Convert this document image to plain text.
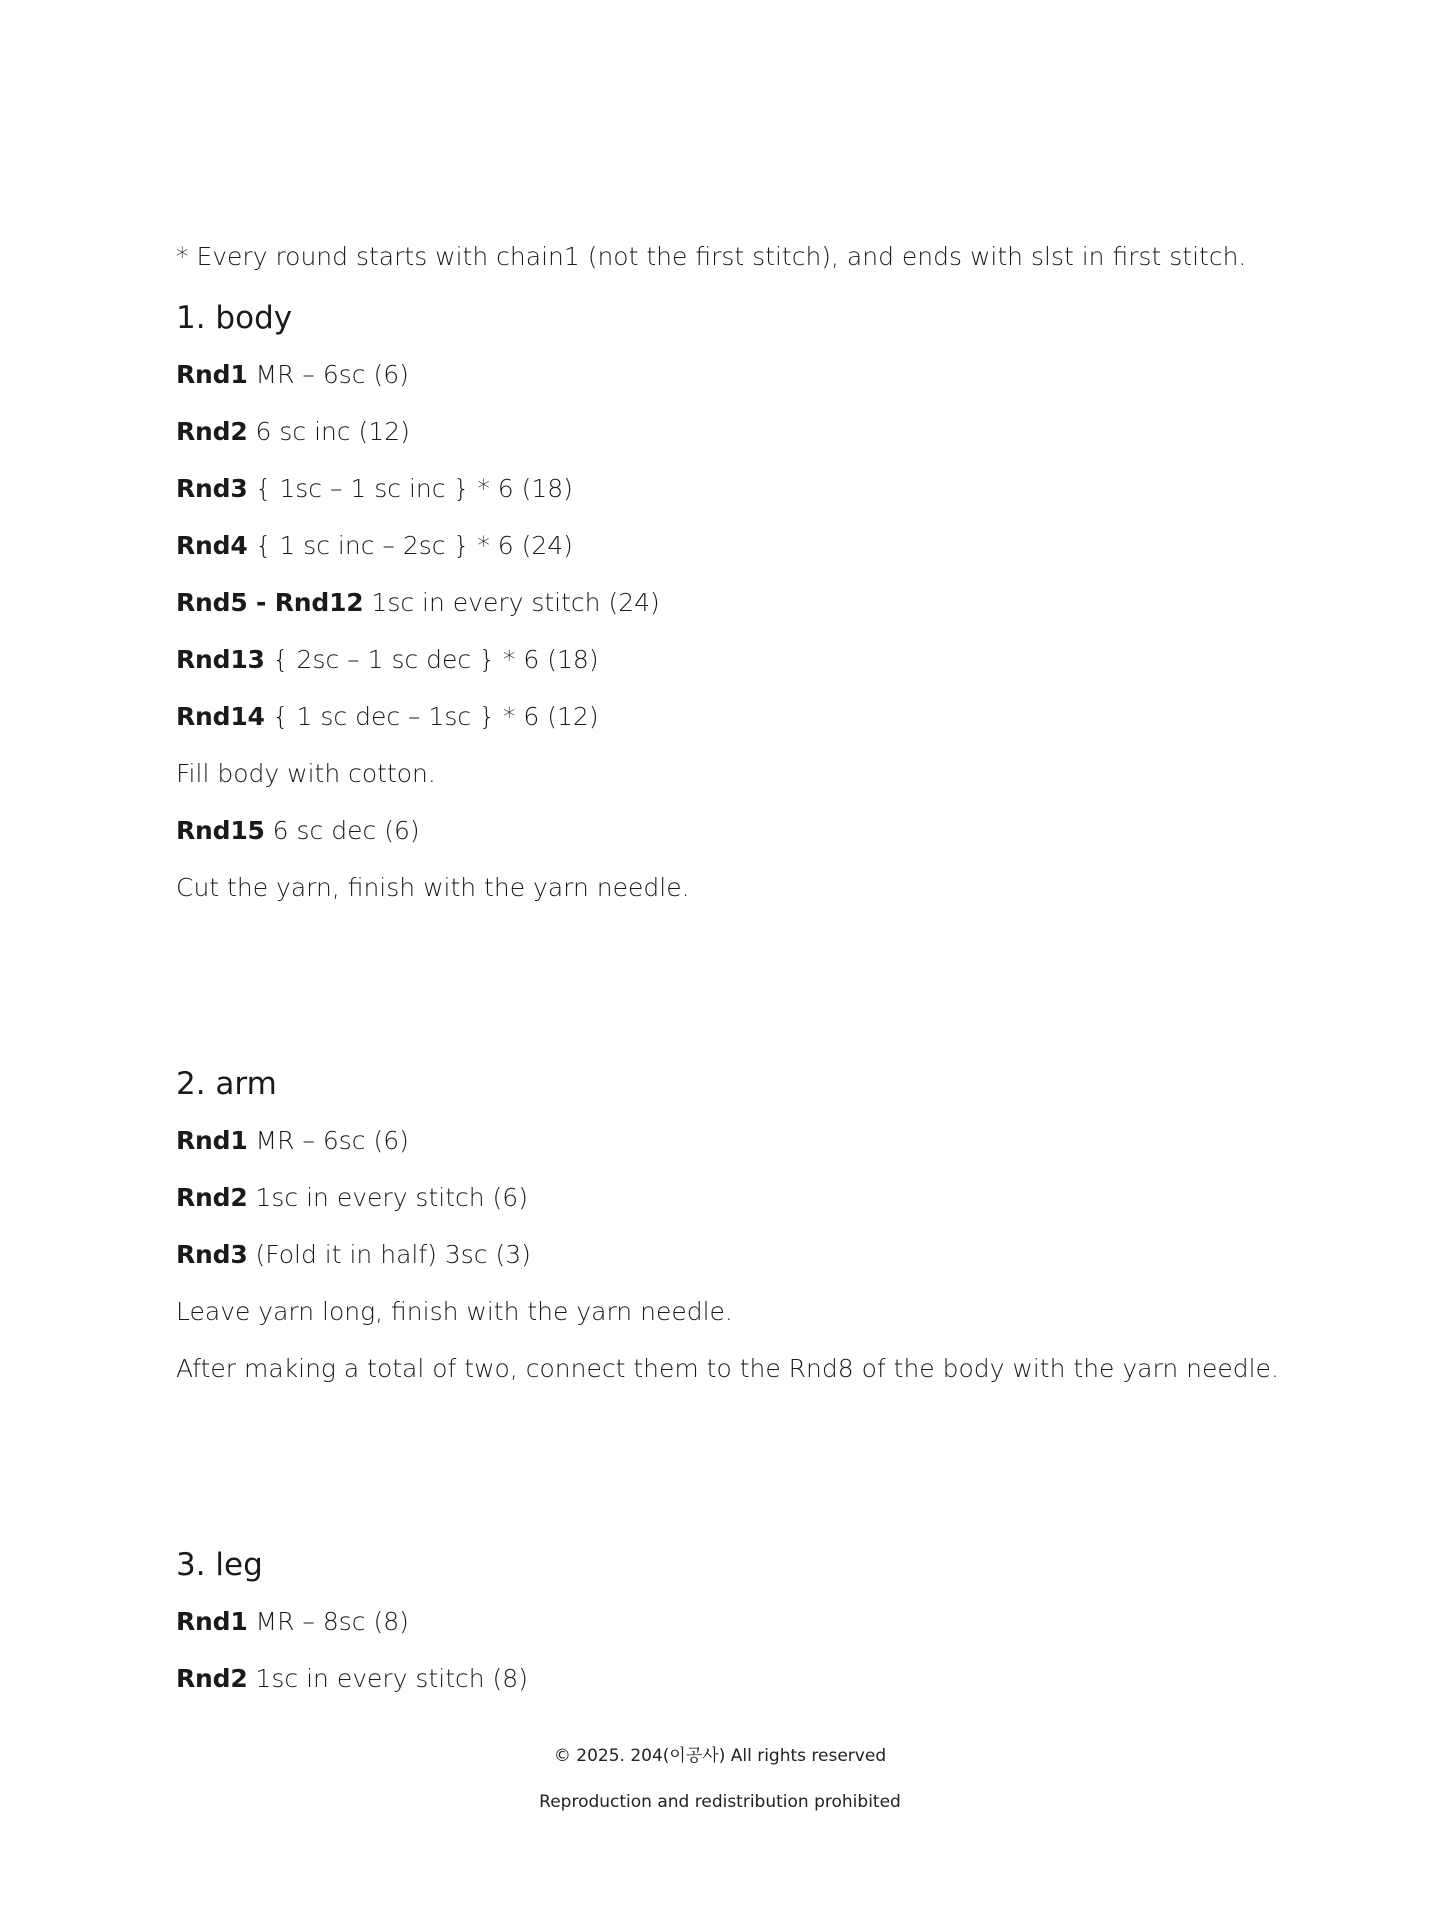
* Every round starts with chain1 (not the first stitch), and ends with slst in first stitch.

1. body

Rnd1 MR – 6sc (6)

Rnd2 6 sc inc (12)

Rnd3 { 1sc – 1 sc inc } * 6 (18)

Rnd4 { 1 sc inc – 2sc } * 6 (24)

Rnd5 - Rnd12 1sc in every stitch (24)

Rnd13 { 2sc – 1 sc dec } * 6 (18)

Rnd14 { 1 sc dec – 1sc } * 6 (12)

Fill body with cotton.

Rnd15 6 sc dec (6)

Cut the yarn, finish with the yarn needle.

2. arm

Rnd1 MR – 6sc (6)

Rnd2 1sc in every stitch (6)

Rnd3 (Fold it in half) 3sc (3)

Leave yarn long, finish with the yarn needle.

After making a total of two, connect them to the Rnd8 of the body with the yarn needle.

3. leg

Rnd1 MR – 8sc (8)

Rnd2 1sc in every stitch (8)

© 2025. 204(이공사) All rights reserved
Reproduction and redistribution prohibited
